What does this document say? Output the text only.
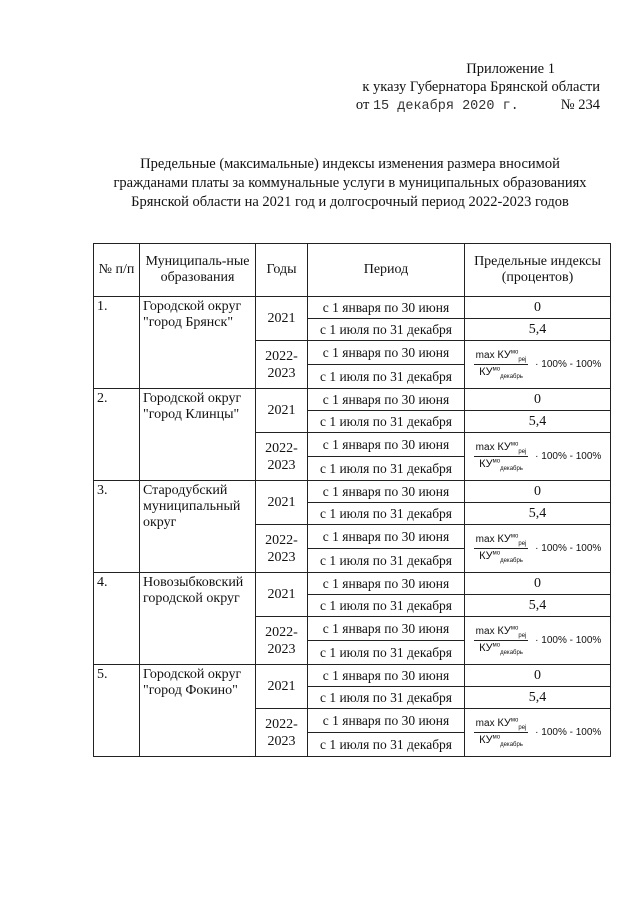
Приложение 1
к указу Губернатора Брянской области
от 15 декабря 2020 г.	№ 234
Предельные (максимальные) индексы изменения размера вносимой
гражданами платы за коммунальные услуги в муниципальных образованиях
Брянской области на 2021 год и долгосрочный период 2022-2023 годов
№ п/п	Муниципаль-ные образования	Годы	Период	Предельные индексы (процентов)
1.	Городской округ "город Брянск"	2021	с 1 января по 30 июня	0
			с 1 июля по 31 декабря	5,4
		2022-2023	с 1 января по 30 июня	$\frac{\max КУ^{мо}_{pej}}{КУ^{мо}_{декабрь}} \cdot 100\% - 100\%$
			с 1 июля по 31 декабря	
2.	Городской округ "город Клинцы"	2021	с 1 января по 30 июня	0
			с 1 июля по 31 декабря	5,4
		2022-2023	с 1 января по 30 июня	$\frac{\max КУ^{мо}_{pej}}{КУ^{мо}_{декабрь}} \cdot 100\% - 100\%$
			с 1 июля по 31 декабря	
3.	Стародубский муниципальный округ	2021	с 1 января по 30 июня	0
			с 1 июля по 31 декабря	5,4
		2022-2023	с 1 января по 30 июня	$\frac{\max КУ^{мо}_{pej}}{КУ^{мо}_{декабрь}} \cdot 100\% - 100\%$
			с 1 июля по 31 декабря	
4.	Новозыбковский городской округ	2021	с 1 января по 30 июня	0
			с 1 июля по 31 декабря	5,4
		2022-2023	с 1 января по 30 июня	$\frac{\max КУ^{мо}_{pej}}{КУ^{мо}_{декабрь}} \cdot 100\% - 100\%$
			с 1 июля по 31 декабря	
5.	Городской округ "город Фокино"	2021	с 1 января по 30 июня	0
			с 1 июля по 31 декабря	5,4
		2022-2023	с 1 января по 30 июня	$\frac{\max КУ^{мо}_{pej}}{КУ^{мо}_{декабрь}} \cdot 100\% - 100\%$
			с 1 июля по 31 декабря	
